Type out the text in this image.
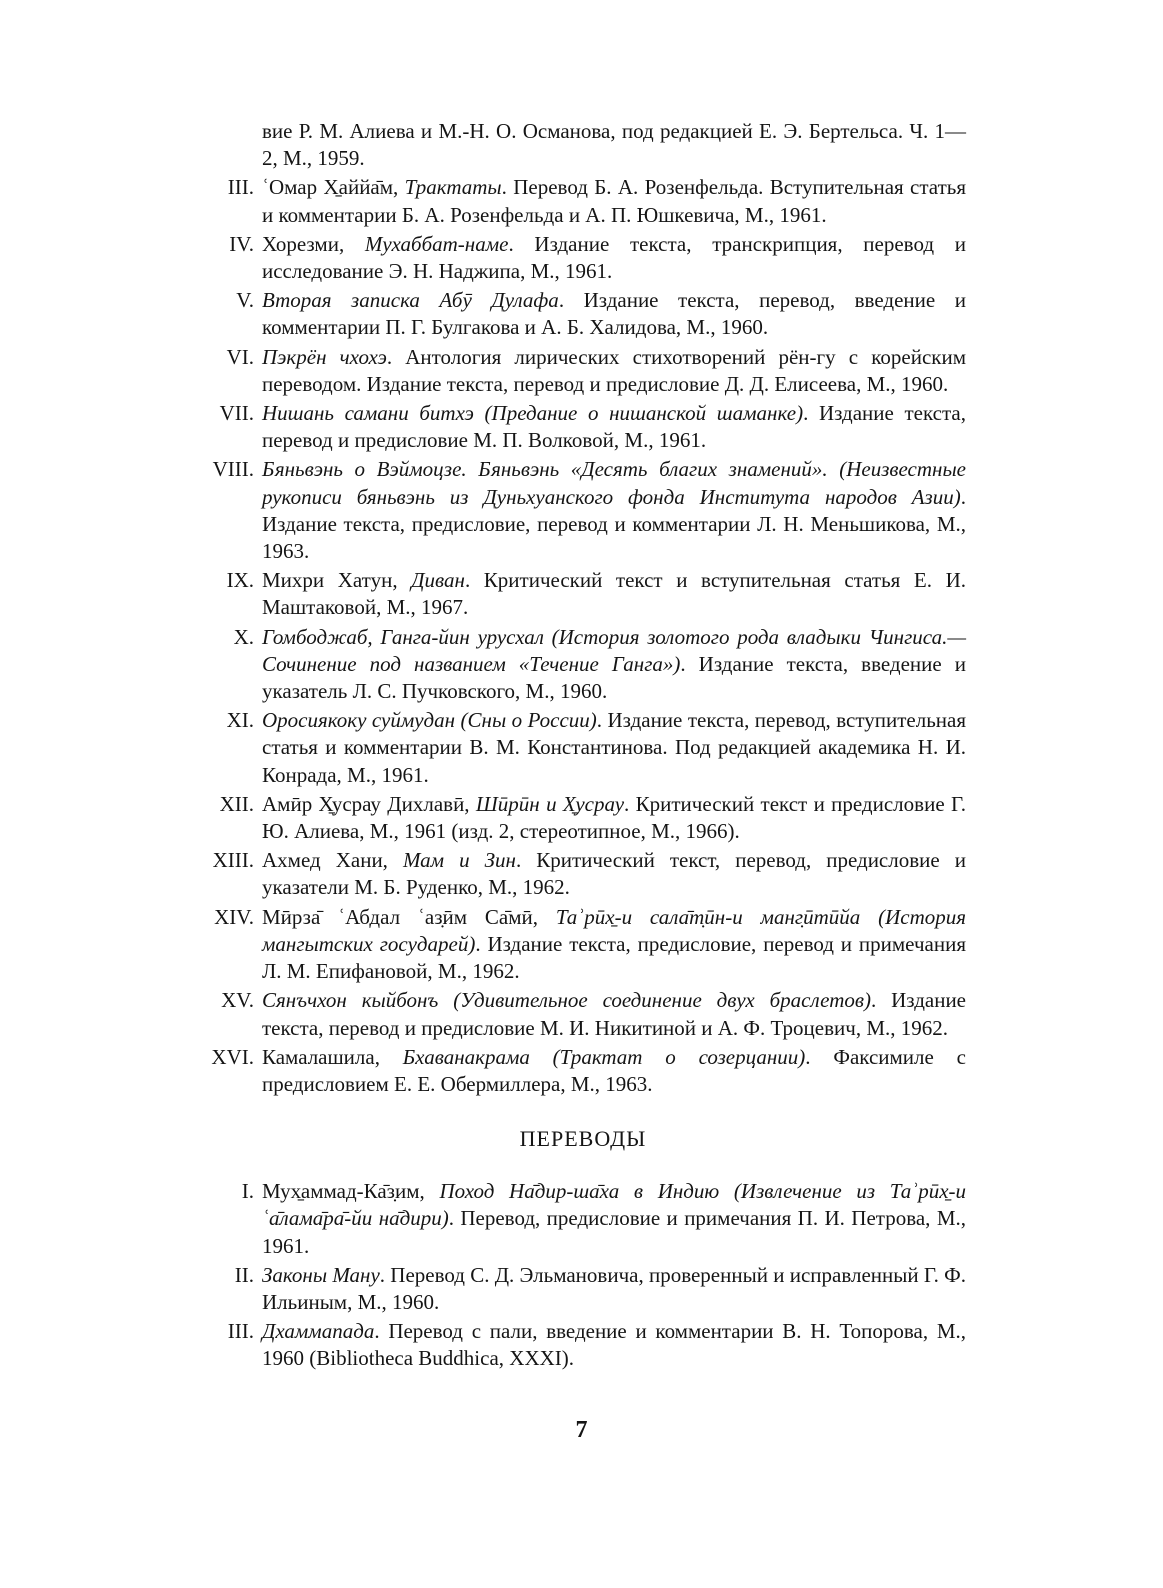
вие Р. М. Алиева и М.-Н. О. Османова, под редакцией Е. Э. Бертельса. Ч. 1—2, М., 1959.
III. ʿОмар Х̱аййа̄м, Трактаты. Перевод Б. А. Розенфельда. Вступительная статья и комментарии Б. А. Розенфельда и А. П. Юшкевича, М., 1961.
IV. Хорезми, Мухаббат-наме. Издание текста, транскрипция, перевод и исследование Э. Н. Наджипа, М., 1961.
V. Вторая записка Абӯ Дулафа. Издание текста, перевод, введение и комментарии П. Г. Булгакова и А. Б. Халидова, М., 1960.
VI. Пэкрён чхохэ. Антология лирических стихотворений рён-гу с корейским переводом. Издание текста, перевод и предисловие Д. Д. Елисеева, М., 1960.
VII. Нишань самани битхэ (Предание о нишанской шаманке). Издание текста, перевод и предисловие М. П. Волковой, М., 1961.
VIII. Бяньвэнь о Вэймоцзе. Бяньвэнь «Десять благих знамений». (Неизвестные рукописи бяньвэнь из Дуньхуанского фонда Института народов Азии). Издание текста, предисловие, перевод и комментарии Л. Н. Меньшикова, М., 1963.
IX. Михри Хатун, Диван. Критический текст и вступительная статья Е. И. Маштаковой, М., 1967.
X. Гомбоджаб, Ганга-йин урусхал (История золотого рода владыки Чингиса.— Сочинение под названием «Течение Ганга»). Издание текста, введение и указатель Л. С. Пучковского, М., 1960.
XI. Оросиякоку суймудан (Сны о России). Издание текста, перевод, вступительная статья и комментарии В. М. Константинова. Под редакцией академика Н. И. Конрада, М., 1961.
XII. Амӣр Х̱усрау Дихлавӣ, Шӣрӣн и Х̱усрау. Критический текст и предисловие Г. Ю. Алиева, М., 1961 (изд. 2, стереотипное, М., 1966).
XIII. Ахмед Хани, Мам и Зин. Критический текст, перевод, предисловие и указатели М. Б. Руденко, М., 1962.
XIV. Мӣрза̄ ʿАбдал ʿаз̣ӣм Са̄мӣ, Таʾрӣх̱-и сала̄т̣ӣн-и манг̣ӣтӣйа (История мангытских государей). Издание текста, предисловие, перевод и примечания Л. М. Епифановой, М., 1962.
XV. Сянъчхон кыйбонъ (Удивительное соединение двух браслетов). Издание текста, перевод и предисловие М. И. Никитиной и А. Ф. Троцевич, М., 1962.
XVI. Камалашила, Бхаванакрама (Трактат о созерцании). Факсимиле с предисловием Е. Е. Обермиллера, М., 1963.
ПЕРЕВОДЫ
I. Мух̱аммад-Ка̄з̣им, Поход На̄дир-ша̄ха в Индию (Извлечение из Таʾрӣх̱-и ʿа̄лама̄ра̄-йи на̄дири). Перевод, предисловие и примечания П. И. Петрова, М., 1961.
II. Законы Ману. Перевод С. Д. Эльмановича, проверенный и исправленный Г. Ф. Ильиным, М., 1960.
III. Дхаммапада. Перевод с пали, введение и комментарии В. Н. Топорова, М., 1960 (Bibliotheca Buddhica, XXXI).
7
